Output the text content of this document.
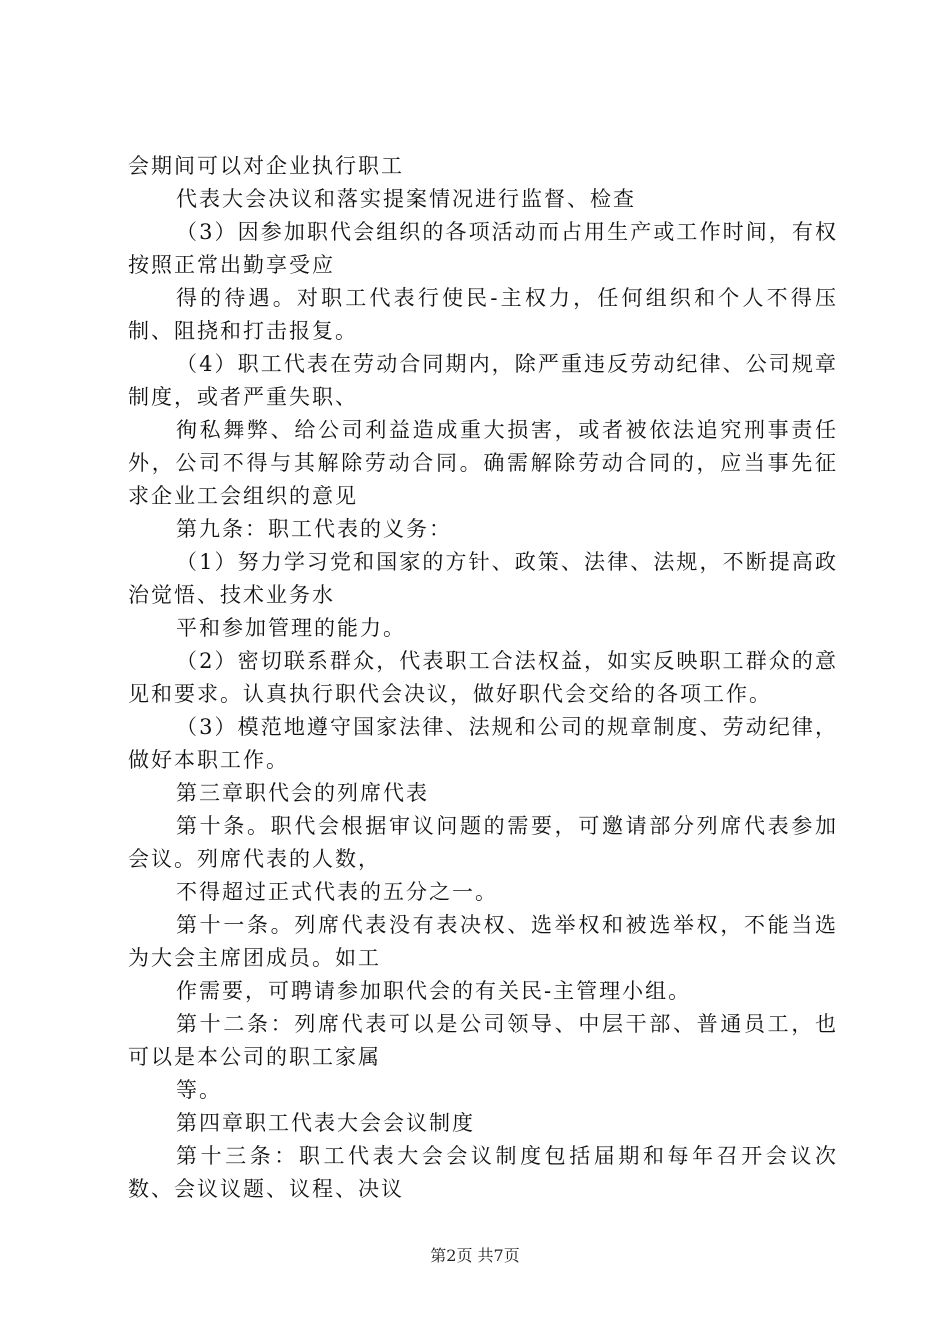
会期间可以对企业执行职工

代表大会决议和落实提案情况进行监督、检查

（3）因参加职代会组织的各项活动而占用生产或工作时间，有权按照正常出勤享受应

得的待遇。对职工代表行使民-主权力，任何组织和个人不得压制、阻挠和打击报复。

（4）职工代表在劳动合同期内，除严重违反劳动纪律、公司规章制度，或者严重失职、

徇私舞弊、给公司利益造成重大损害，或者被依法追究刑事责任外，公司不得与其解除劳动合同。确需解除劳动合同的，应当事先征求企业工会组织的意见

第九条：职工代表的义务：

（1）努力学习党和国家的方针、政策、法律、法规，不断提高政治觉悟、技术业务水

平和参加管理的能力。

（2）密切联系群众，代表职工合法权益，如实反映职工群众的意见和要求。认真执行职代会决议，做好职代会交给的各项工作。

（3）模范地遵守国家法律、法规和公司的规章制度、劳动纪律，做好本职工作。

第三章职代会的列席代表

第十条。职代会根据审议问题的需要，可邀请部分列席代表参加会议。列席代表的人数，

不得超过正式代表的五分之一。

第十一条。列席代表没有表决权、选举权和被选举权，不能当选为大会主席团成员。如工

作需要，可聘请参加职代会的有关民-主管理小组。

第十二条：列席代表可以是公司领导、中层干部、普通员工，也可以是本公司的职工家属

等。

第四章职工代表大会会议制度

第十三条：职工代表大会会议制度包括届期和每年召开会议次数、会议议题、议程、决议

第2页 共7页
